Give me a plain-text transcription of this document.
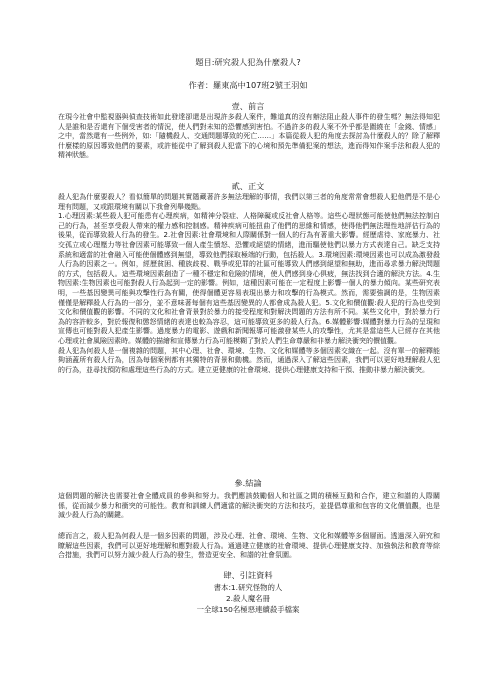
題目:研究殺人犯為什麼殺人?
作者：羅東高中107班2號王羽如
壹、前言
在現今社會中監視器與偵查技術如此發達卻還是出現許多殺人案件，難道真的沒有辦法阻止殺人事件的發生嗎？無法得知犯人是誰和是否還有下個受害者的情況，使人們對未知的恐懼感到害怕。不過許多的殺人案不外乎都是圍繞在「金錢、情感」之中，當然還有一些例外，如:「隨機殺人、交通問題導致的死亡……」本篇從殺人犯的角度去探討為什麼殺人的？除了解釋什麼樣的原因導致他們的要素，或許能從中了解到殺人犯當下的心境和預先準備犯案的想法，進而得知作案手法和殺人犯的精神狀態。
貳、正文
殺人犯為什麼要殺人？看似簡單的問題其實隱藏著許多無法理解的事情，我們以第三者的角度常常會想殺人犯他們是不是心理有問題，又或跟環境有關以下我會列舉幾點。
1.心理因素:某些殺人犯可能患有心理疾病，如精神分裂症、人格障礙或反社會人格等。這些心理狀態可能使他們無法控制自己的行為，甚至享受殺人帶來的權力感和控制感。精神疾病可能扭曲了他們的思維和情感，使得他們無法理性地評估行為的後果，從而導致殺人行為的發生。2.社會因素:社會環境和人際關係對一個人的行為有著重大影響。經歷虐待、家庭暴力、社交孤立或心理壓力等社會因素可能導致一個人產生憤怒、恐懼或絕望的情緒，進而驅使他們以暴力方式表達自己。缺乏支持系統和適當的社會融入可能使個體感到無望，導致他們採取極端的行動，包括殺人。3.環境因素:環境因素也可以成為激發殺人行為的因素之一。例如，經歷貧困、種族歧視、戰爭或犯罪的社區可能導致人們感到絕望和無助，進而尋求暴力解決問題的方式，包括殺人。這些環境因素創造了一種不穩定和危險的情境，使人們感到身心俱疲，無法找到合適的解決方法。4.生物因素:生物因素也可能對殺人行為起到一定的影響。例如，這種因素可能在一定程度上影響一個人的暴力傾向。某些研究表明，一些基因變異可能與攻擊性行為有關，使得個體更容易表現出暴力和攻擊的行為模式。然而，需要強調的是，生物因素僅僅是解釋殺人行為的一部分，並不意味著每個有這些基因變異的人都會成為殺人犯。5.文化和價值觀:殺人犯的行為也受到文化和價值觀的影響。不同的文化和社會背景對於暴力的接受程度和對解決問題的方法有所不同。某些文化中，對於暴力行為的容許較多，對於報復和懲怒情緒的表達也較為容忍，這可能導致更多的殺人行為。6.媒體影響:媒體對暴力行為的呈現和宣傳也可能對殺人犯產生影響。過度暴力的電影、遊戲和新聞報導可能激發某些人的攻擊性，尤其是當這些人已經存在其他心理或社會風險因素時。媒體的描繪和宣傳暴力行為可能模糊了對於人們生命尊嚴和非暴力解決衝突的價值觀。
殺人犯為何殺人是一個複雜的問題，其中心理、社會、環境、生物、文化和媒體等多個因素交織在一起。沒有單一的解釋能夠涵蓋所有殺人行為，因為每個案例都有其獨特的背景和動機。然而，通過深入了解這些因素，我們可以更好地理解殺人犯的行為，並尋找預防和處理這些行為的方式。建立更健康的社會環境、提供心理健康支持和干預、推動非暴力解決衝突。
參.結論
這個問題的解決也需要社會全體成員的參與和努力。我們應該鼓勵個人和社區之間的積極互動和合作，建立和諧的人際關係，從而減少暴力和衝突的可能性。教育和訓練人們適當的解決衝突的方法和技巧，並提倡尊重和包容的文化價值觀，也是減少殺人行為的關鍵。
總而言之，殺人犯為何殺人是一個多因素的問題，涉及心理、社會、環境、生物、文化和媒體等多個層面。透過深入研究和瞭解這些因素，我們可以更好地理解和應對殺人行為。通過建立健康的社會環境、提供心理健康支持、加強執法和教育等綜合措施，我們可以努力減少殺人行為的發生，營造更安全、和諧的社會氛圍。
肆、引註資料
書本:1.研究怪物的人
2.殺人魔名冊
一全球150名極惡連續殺手檔案
